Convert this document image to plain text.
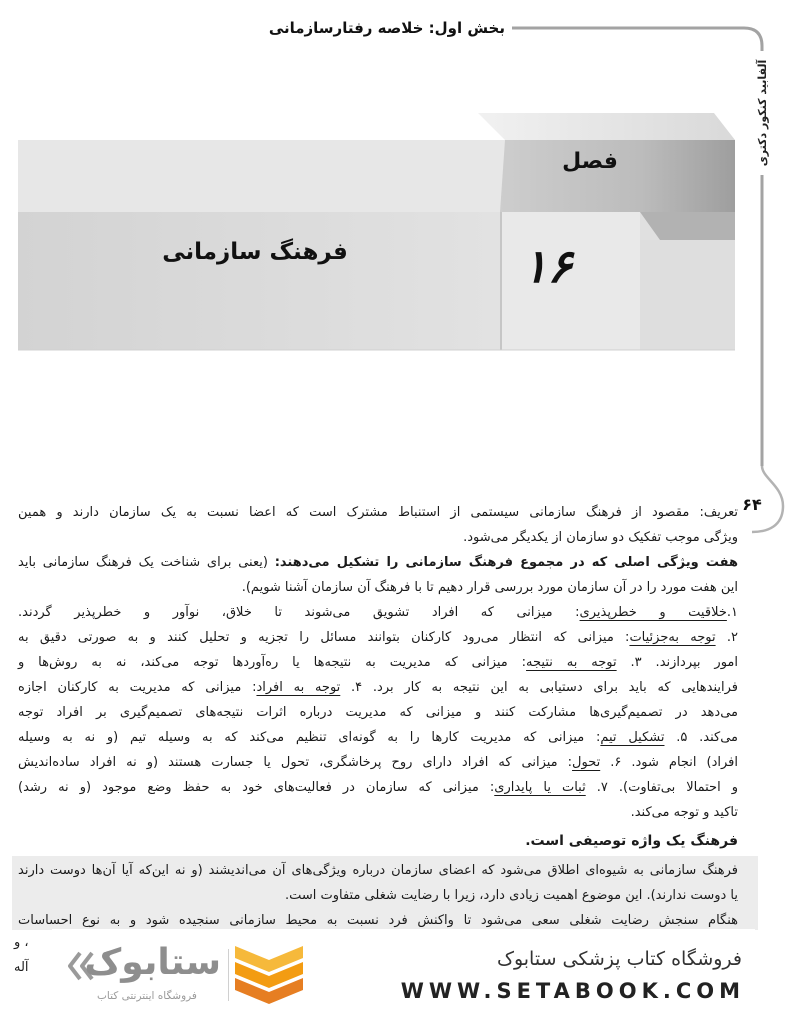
بخش اول: خلاصه رفتارسازمانی
آلفابید کنکور دکتری
۶۴
فصل
۱۶
فرهنگ سازمانی
تعریف: مقصود از فرهنگ سازمانی سیستمی از استنباط مشترک است که اعضا نسبت به یک سازمان دارند و همین
ویژگی موجب تفکیک دو سازمان از یکدیگر می‌شود.
هفت ویژگی اصلی که در مجموع فرهنگ سازمانی را تشکیل می‌دهند: (یعنی برای شناخت یک فرهنگ سازمانی باید
این هفت مورد را در آن سازمان مورد بررسی قرار دهیم تا با فرهنگ آن سازمان آشنا شویم).
۱.خلاقیت و خطرپذیری: میزانی که افراد تشویق می‌شوند تا خلاق، نوآور و خطرپذیر گردند.
۲. توجه به‌جزئیات: میزانی که انتظار می‌رود کارکنان بتوانند مسائل را تجزیه و تحلیل کنند و به صورتی دقیق به
امور بپردازند. ۳. توجه به نتیجه: میزانی که مدیریت به نتیجه‌ها یا ره‌آوردها توجه می‌کند، نه به روش‌ها و
فرایندهایی که باید برای دستیابی به این نتیجه به کار برد. ۴. توجه به افراد: میزانی که مدیریت به کارکنان اجازه
می‌دهد در تصمیم‌گیری‌ها مشارکت کنند و میزانی که مدیریت درباره اثرات نتیجه‌های تصمیم‌گیری بر افراد توجه
می‌کند. ۵. تشکیل تیم: میزانی که مدیریت کارها را به گونه‌ای تنظیم می‌کند که به وسیله تیم (و نه به وسیله
افراد) انجام شود. ۶. تحول: میزانی که افراد دارای روح پرخاشگری، تحول یا جسارت هستند (و نه افراد ساده‌اندیش
و احتمالا بی‌تفاوت). ۷. ثبات یا پایداری: میزانی که سازمان در فعالیت‌های خود به حفظ وضع موجود (و نه رشد)
تاکید و توجه می‌کند.
فرهنگ یک واژه توصیفی است.
فرهنگ سازمانی به شیوه‌ای اطلاق می‌شود که اعضای سازمان درباره ویژگی‌های آن می‌اندیشند (و نه این‌که آیا آن‌ها دوست دارند
یا دوست ندارند). این موضوع اهمیت زیادی دارد، زیرا با رضایت شغلی متفاوت است.
هنگام سنجش رضایت شغلی سعی می‌شود تا واکنش فرد نسبت به محیط سازمانی سنجیده شود و به نوع احساسات
، و
آله	ستابوک
فروشگاه اینترنتی کتاب
فروشگاه کتاب پزشکی ستابوک
WWW.SETABOOK.COM
